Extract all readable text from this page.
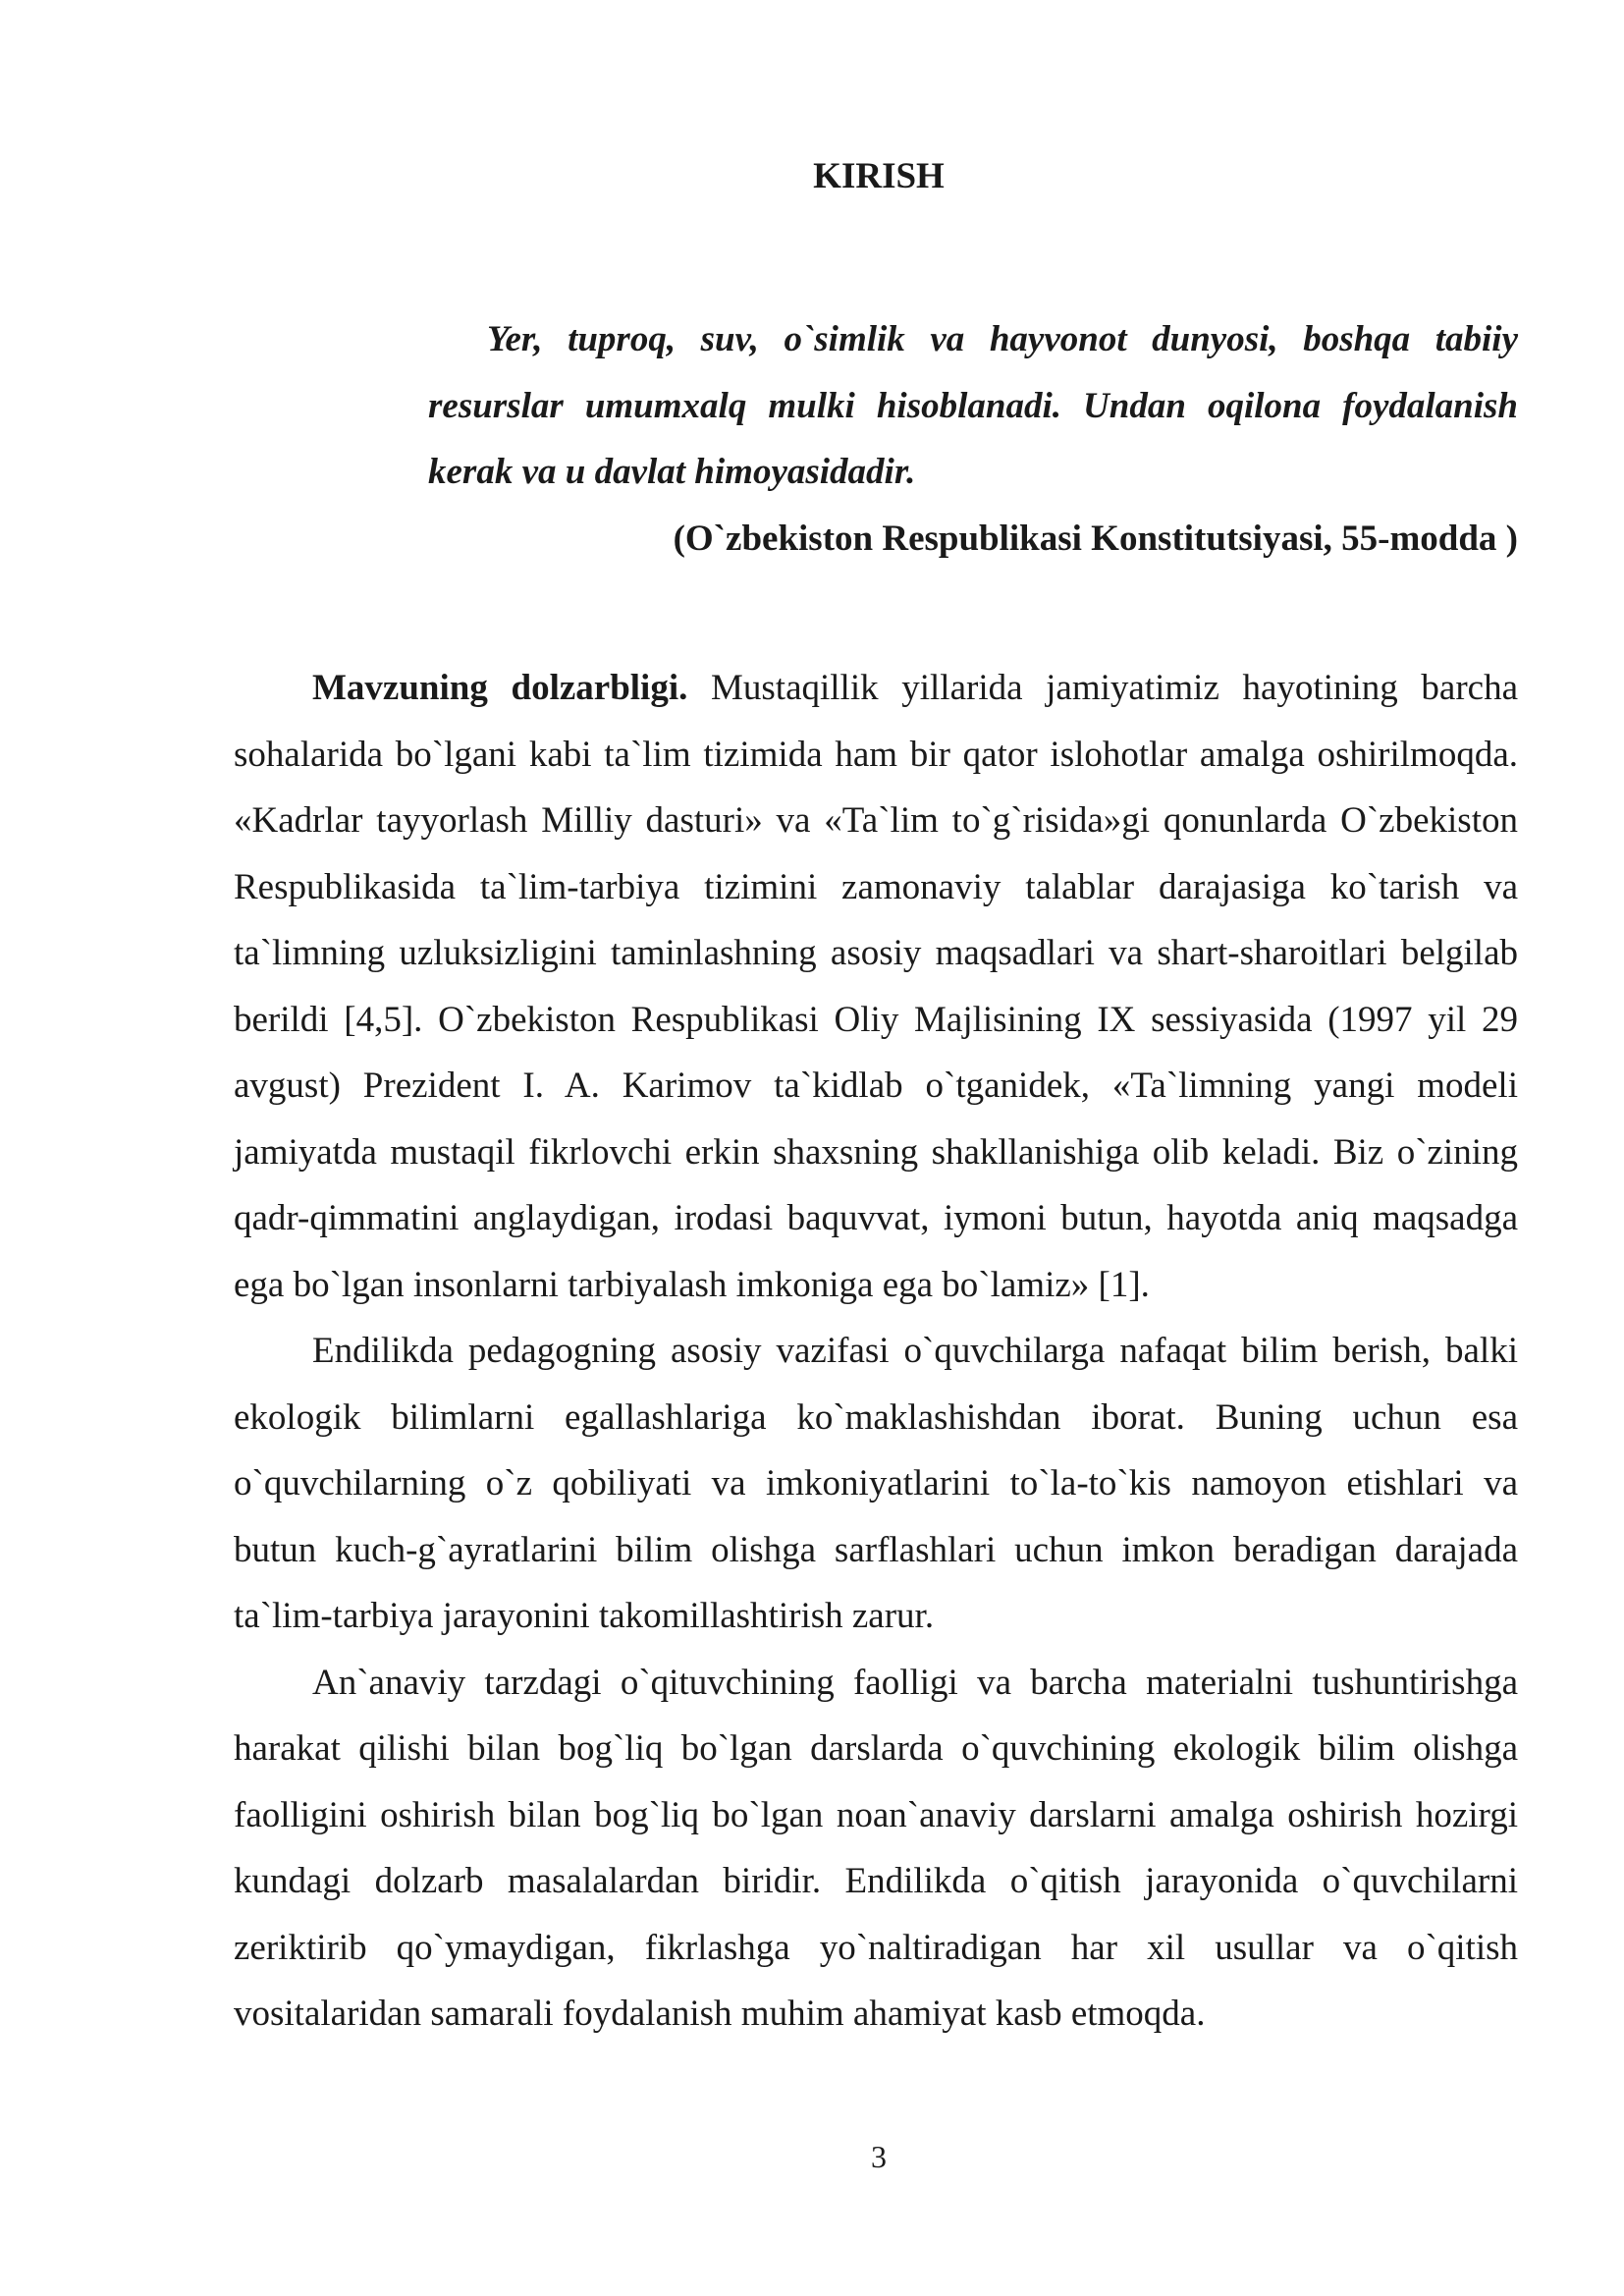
KIRISH

Yer, tuproq, suv, o`simlik va hayvonot dunyosi, boshqa tabiiy resurslar umumxalq mulki hisoblanadi. Undan oqilona foydalanish kerak va u davlat himoyasidadir.

(O`zbekiston Respublikasi Konstitutsiyasi, 55-modda )

Mavzuning dolzarbligi. Mustaqillik yillarida jamiyatimiz hayotining barcha sohalarida bo`lgani kabi ta`lim tizimida ham bir qator islohotlar amalga oshirilmoqda. «Kadrlar tayyorlash Milliy dasturi» va «Ta`lim to`g`risida»gi qonunlarda O`zbekiston Respublikasida ta`lim-tarbiya tizimini zamonaviy talablar darajasiga ko`tarish va ta`limning uzluksizligini taminlashning asosiy maqsadlari va shart-sharoitlari belgilab berildi [4,5]. O`zbekiston Respublikasi Oliy Majlisining IX sessiyasida (1997 yil 29 avgust) Prezident I. A. Karimov ta`kidlab o`tganidek, «Ta`limning yangi modeli jamiyatda mustaqil fikrlovchi erkin shaxsning shakllanishiga olib keladi. Biz o`zining qadr-qimmatini anglaydigan, irodasi baquvvat, iymoni butun, hayotda aniq maqsadga ega bo`lgan insonlarni tarbiyalash imkoniga ega bo`lamiz» [1].

Endilikda pedagogning asosiy vazifasi o`quvchilarga nafaqat bilim berish, balki ekologik bilimlarni egallashlariga ko`maklashishdan iborat. Buning uchun esa o`quvchilarning o`z qobiliyati va imkoniyatlarini to`la-to`kis namoyon etishlari va butun kuch-g`ayratlarini bilim olishga sarflashlari uchun imkon beradigan darajada ta`lim-tarbiya jarayonini takomillashtirish zarur.

An`anaviy tarzdagi o`qituvchining faolligi va barcha materialni tushuntirishga harakat qilishi bilan bog`liq bo`lgan darslarda o`quvchining ekologik bilim olishga faolligini oshirish bilan bog`liq bo`lgan noan`anaviy darslarni amalga oshirish hozirgi kundagi dolzarb masalalardan biridir. Endilikda o`qitish jarayonida o`quvchilarni zeriktirib qo`ymaydigan, fikrlashga yo`naltiradigan har xil usullar va o`qitish vositalaridan samarali foydalanish muhim ahamiyat kasb etmoqda.

3
